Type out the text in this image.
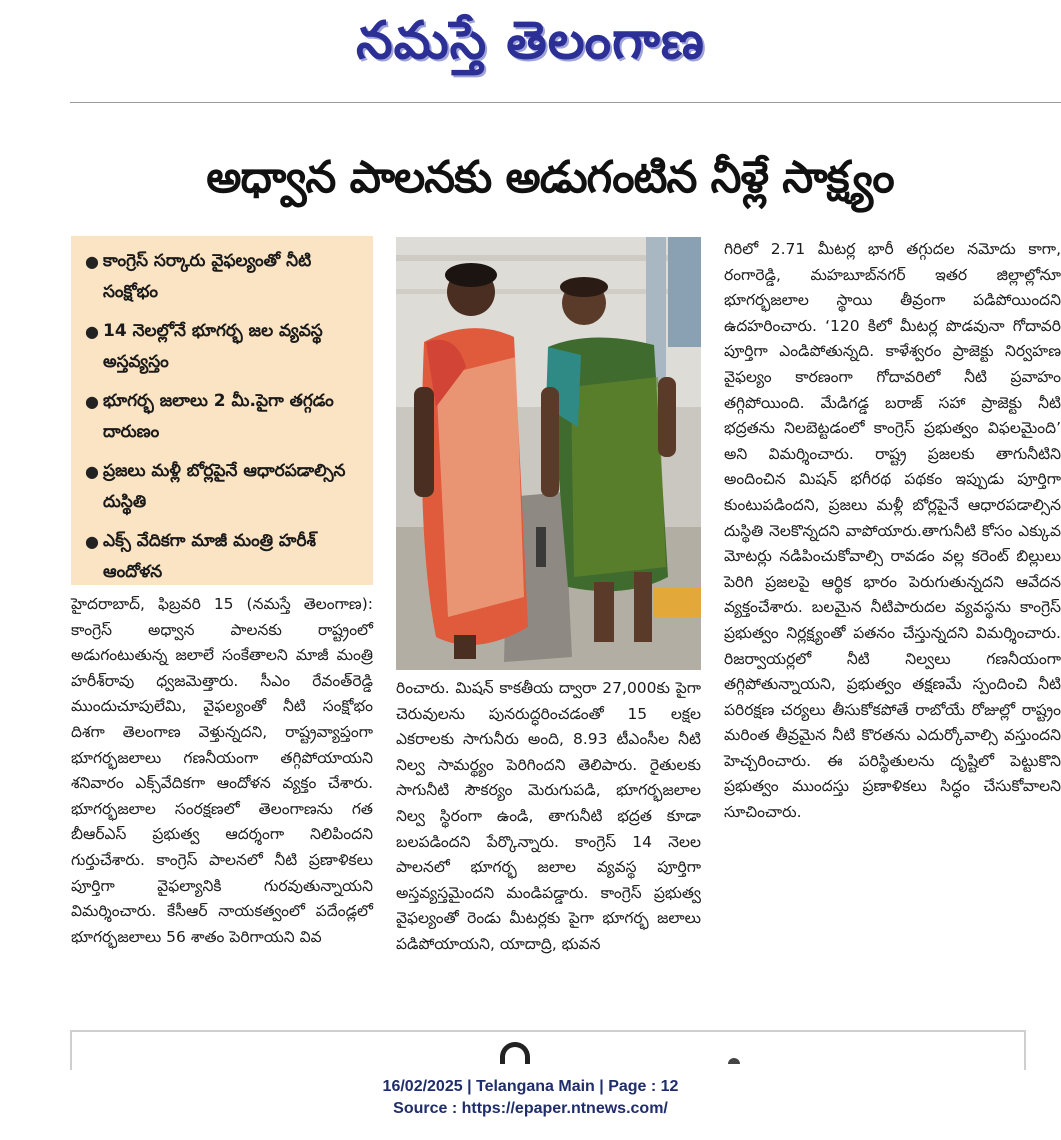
నమస్తే తెలంగాణ
అధ్వాన పాలనకు అడుగంటిన నీళ్లే సాక్ష్యం
● కాంగ్రెస్ సర్కారు వైఫల్యంతో నీటి సంక్షోభం
● 14 నెలల్లోనే భూగర్భ జల వ్యవస్థ అస్తవ్యస్తం
● భూగర్భ జలాలు 2 మీ.పైగా తగ్గడం దారుణం
● ప్రజలు మళ్లీ బోర్లపైనే ఆధారపడాల్సిన దుస్థితి
● ఎక్స్ వేదికగా మాజీ మంత్రి హరీశ్ ఆందోళన
హైదరాబాద్, ఫిబ్రవరి 15 (నమస్తే తెలంగాణ): కాంగ్రెస్ అధ్వాన పాలనకు రాష్ట్రంలో అడుగంటుతున్న జలాలే సంకేతాలని మాజీ మంత్రి హరీశ్‌రావు ధ్వజమెత్తారు. సీఎం రేవంత్‌రెడ్డి ముందుచూపులేమి, వైఫల్యంతో నీటి సంక్షోభం దిశగా తెలంగాణ వెళ్తున్నదని, రాష్ట్రవ్యాప్తంగా భూగర్భజలాలు గణనీయంగా తగ్గిపోయాయని శనివారం ఎక్స్‌వేదికగా ఆందోళన వ్యక్తం చేశారు. భూగర్భజలాల సంరక్షణలో తెలంగాణను గత బీఆర్‌ఎస్ ప్రభుత్వ ఆదర్శంగా నిలిపిందని గుర్తుచేశారు. కాంగ్రెస్ పాలనలో నీటి ప్రణాళికలు పూర్తిగా వైఫల్యానికి గురవుతున్నాయని విమర్శించారు. కేసీఆర్ నాయకత్వంలో పదేండ్లలో భూగర్భజలాలు 56 శాతం పెరిగాయని వివ
రించారు. మిషన్ కాకతీయ ద్వారా 27,000కు పైగా చెరువులను పునరుద్ధరించడంతో 15 లక్షల ఎకరాలకు సాగునీరు అంది, 8.93 టీఎంసీల నీటి నిల్వ సామర్థ్యం పెరిగిందని తెలిపారు. రైతులకు సాగునీటి సౌకర్యం మెరుగుపడి, భూగర్భజలాల నిల్వ స్థిరంగా ఉండి, తాగునీటి భద్రత కూడా బలపడిందని పేర్కొన్నారు. కాంగ్రెస్ 14 నెలల పాలనలో భూగర్భ జలాల వ్యవస్థ పూర్తిగా అస్తవ్యస్తమైందని మండిపడ్డారు. కాంగ్రెస్ ప్రభుత్వ వైఫల్యంతో రెండు మీటర్లకు పైగా భూగర్భ జలాలు పడిపోయాయని, యాదాద్రి, భువన
గిరిలో 2.71 మీటర్ల భారీ తగ్గుదల నమోదు కాగా, రంగారెడ్డి, మహబూబ్‌నగర్ ఇతర జిల్లాల్లోనూ భూగర్భజలాల స్థాయి తీవ్రంగా పడిపోయిందని ఉదహరించారు. ‘120 కిలో మీటర్ల పొడవునా గోదావరి పూర్తిగా ఎండిపోతున్నది. కాళేశ్వరం ప్రాజెక్టు నిర్వహణ వైఫల్యం కారణంగా గోదావరిలో నీటి ప్రవాహం తగ్గిపోయింది. మేడిగడ్డ బరాజ్ సహా ప్రాజెక్టు నీటి భద్రతను నిలబెట్టడంలో కాంగ్రెస్ ప్రభుత్వం విఫలమైంది’ అని విమర్శించారు. రాష్ట్ర ప్రజలకు తాగునీటిని అందించిన మిషన్ భగీరథ పథకం ఇప్పుడు పూర్తిగా కుంటుపడిందని, ప్రజలు మళ్లీ బోర్లపైనే ఆధారపడాల్సిన దుస్థితి నెలకొన్నదని వాపోయారు.తాగునీటి కోసం ఎక్కువ మోటర్లు నడిపించుకోవాల్సి రావడం వల్ల కరెంట్ బిల్లులు పెరిగి ప్రజలపై ఆర్థిక భారం పెరుగుతున్నదని ఆవేదన వ్యక్తంచేశారు. బలమైన నీటిపారుదల వ్యవస్థను కాంగ్రెస్ ప్రభుత్వం నిర్లక్ష్యంతో పతనం చేస్తున్నదని విమర్శించారు. రిజర్వాయర్లలో నీటి నిల్వలు గణనీయంగా తగ్గిపోతున్నాయని, ప్రభుత్వం తక్షణమే స్పందించి నీటి పరిరక్షణ చర్యలు తీసుకోకపోతే రాబోయే రోజుల్లో రాష్ట్రం మరింత తీవ్రమైన నీటి కొరతను ఎదుర్కోవాల్సి వస్తుందని హెచ్చరించారు. ఈ పరిస్థితులను దృష్టిలో పెట్టుకొని ప్రభుత్వం ముందస్తు ప్రణాళికలు సిద్ధం చేసుకోవాలని సూచించారు.
16/02/2025 | Telangana Main | Page : 12
Source : https://epaper.ntnews.com/
